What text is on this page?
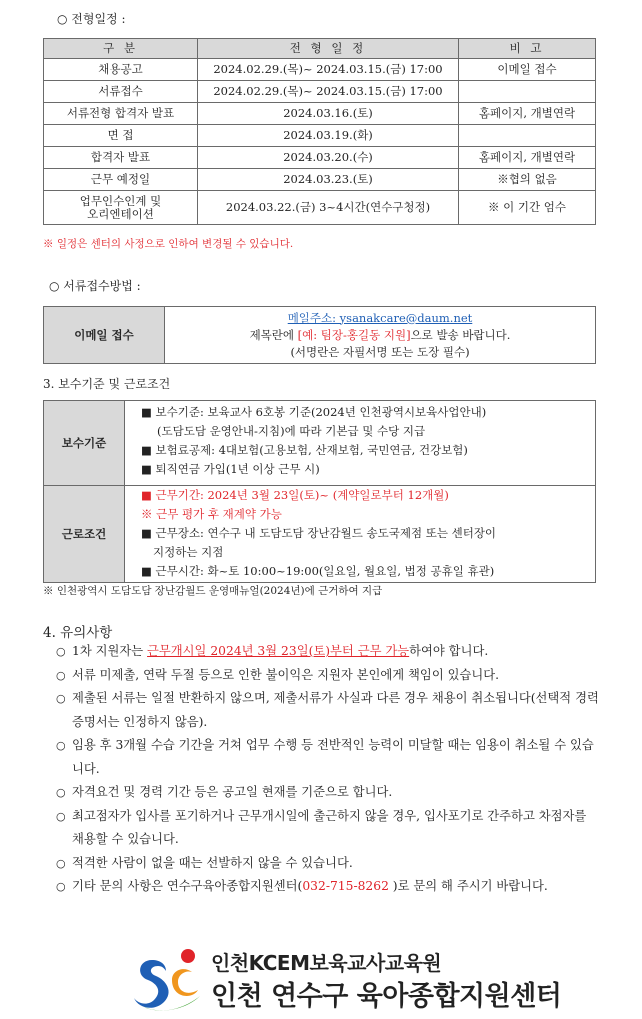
○ 전형일정 :
구 분	전 형 일 정	비 고
채용공고	2024.02.29.(목)~ 2024.03.15.(금) 17:00	이메일 접수
서류접수	2024.02.29.(목)~ 2024.03.15.(금) 17:00	
서류전형 합격자 발표	2024.03.16.(토)	홈페이지, 개별연락
면 접	2024.03.19.(화)	
합격자 발표	2024.03.20.(수)	홈페이지, 개별연락
근무 예정일	2024.03.23.(토)	※협의 없음

업무인수인계 및
오리엔테이션	2024.03.22.(금) 3~4시간(연수구청정)	※ 이 기간 엄수
※ 일정은 센터의 사정으로 인하여 변경될 수 있습니다.
○ 서류접수방법 :
이메일 접수	
메일주소: ysanakcare@daum.net
제목란에 [예: 팀장-홍길동 지원]으로 발송 바랍니다.
(서명란은 자필서명 또는 도장 필수)
3. 보수기준 및 근로조건
보수기준	■ 보수기준: 보육교사 6호봉 기준(2024년 인천광역시보육사업안내)
(도담도담 운영안내-지침)에 따라 기본급 및 수당 지급
■ 보험료공제: 4대보험(고용보험, 산재보험, 국민연금, 건강보험)
■ 퇴직연금 가입(1년 이상 근무 시)

근로조건	■ 근무기간: 2024년 3월 23일(토)~ (계약일로부터 12개월)
※ 근무 평가 후 재계약 가능
■ 근무장소: 연수구 내 도담도담 장난감월드 송도국제점 또는 센터장이
지정하는 지점
■ 근무시간: 화~토 10:00~19:00(일요일, 월요일, 법정 공휴일 휴관)
※ 인천광역시 도담도담 장난감월드 운영매뉴얼(2024년)에 근거하여 지급
4. 유의사항
○ 1차 지원자는 근무개시일 2024년 3월 23일(토)부터 근무 가능하여야 합니다.
○ 서류 미제출, 연락 두절 등으로 인한 불이익은 지원자 본인에게 책임이 있습니다.
○ 제출된 서류는 일절 반환하지 않으며, 제출서류가 사실과 다른 경우 채용이 취소됩니다(선택적 경력증명서는 인정하지 않음).
○ 임용 후 3개월 수습 기간을 거쳐 업무 수행 등 전반적인 능력이 미달할 때는 임용이 취소될 수 있습니다.
○ 자격요건 및 경력 기간 등은 공고일 현재를 기준으로 합니다.
○ 최고점자가 입사를 포기하거나 근무개시일에 출근하지 않을 경우, 입사포기로 간주하고 차점자를 채용할 수 있습니다.
○ 적격한 사람이 없을 때는 선발하지 않을 수 있습니다.
○ 기타 문의 사항은 연수구육아종합지원센터(032-715-8262 )로 문의 해 주시기 바랍니다.
인천KCEM보육교사교육원
인천 연수구 육아종합지원센터
